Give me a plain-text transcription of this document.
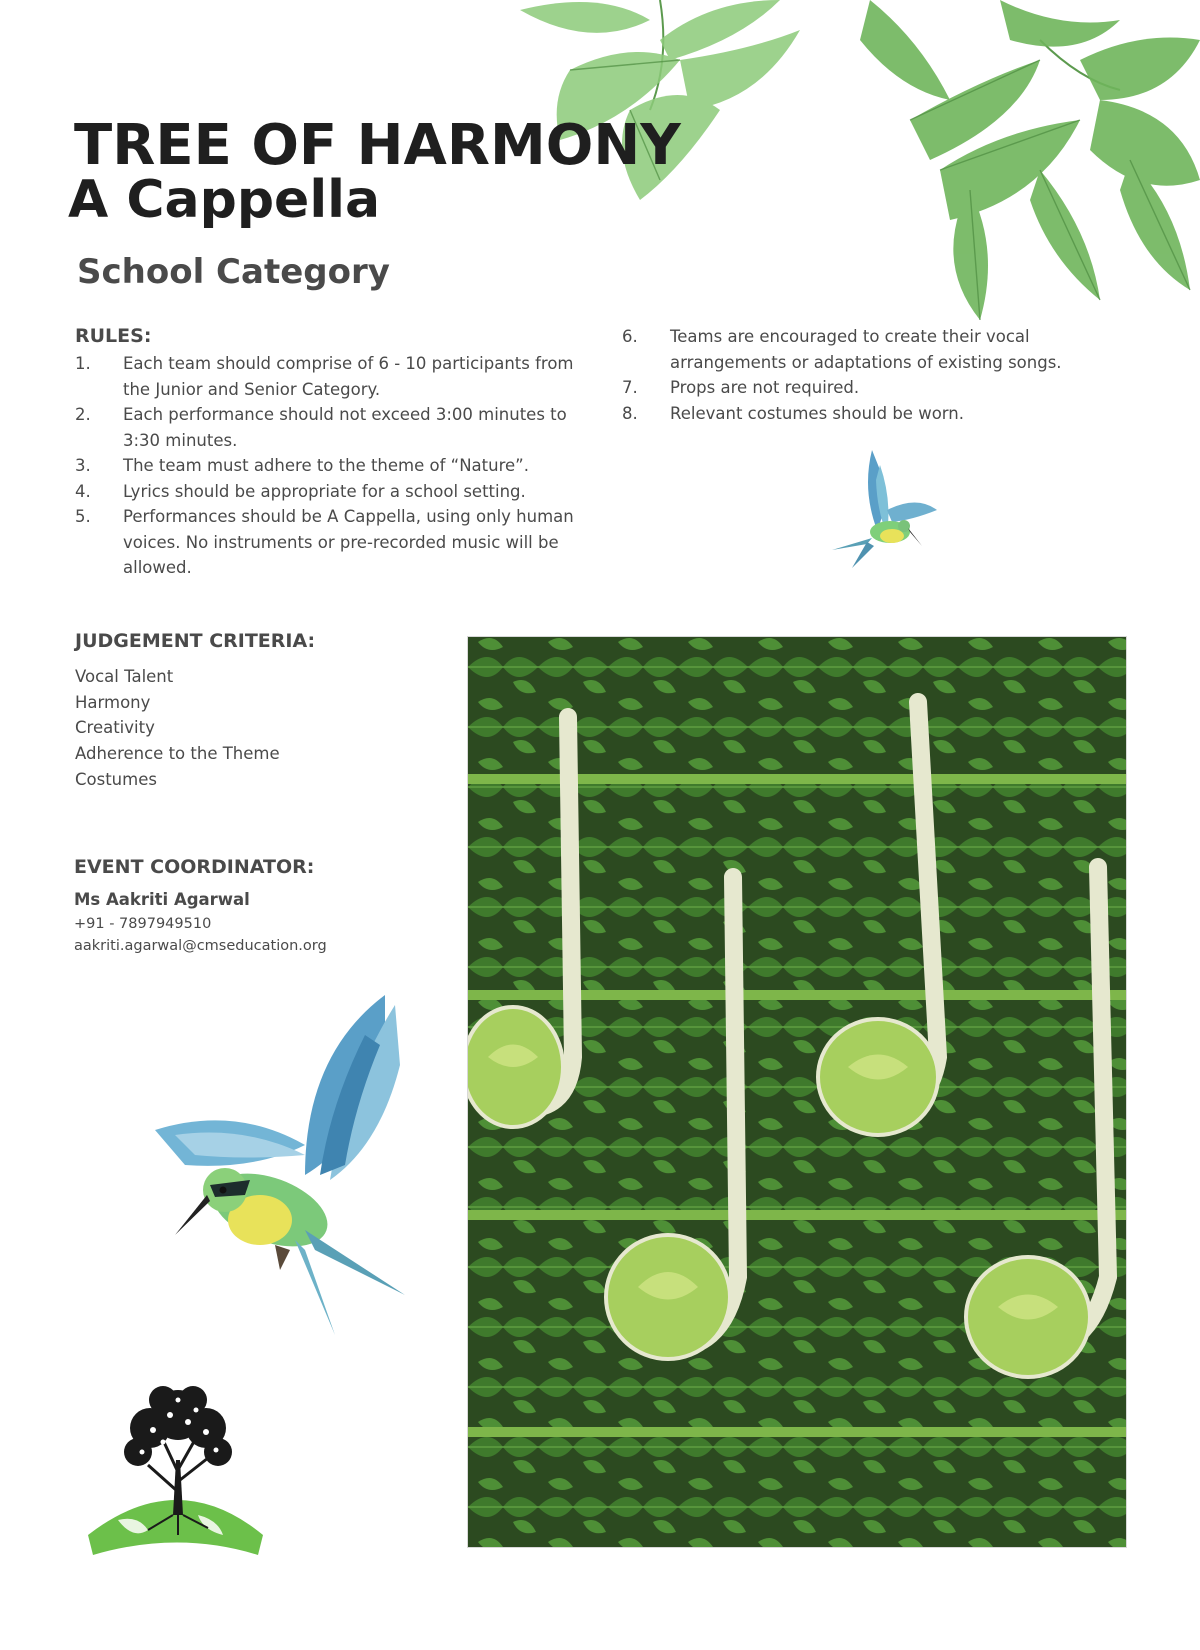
TREE OF HARMONY
A Cappella
School Category
RULES:
1.	Each team should comprise of 6 - 10 participants from the Junior and Senior Category.
2.	Each performance should not exceed 3:00 minutes to 3:30 minutes.
3.	The team must adhere to the theme of “Nature”.
4.	Lyrics should be appropriate for a school setting.
5.	Performances should be A Cappella, using only human voices. No instruments or pre-recorded music will be allowed.
6.	Teams are encouraged to create their vocal arrangements or adaptations of existing songs.
7.	Props are not required.
8.	Relevant costumes should be worn.
JUDGEMENT CRITERIA:
Vocal Talent
Harmony
Creativity
Adherence to the Theme
Costumes
EVENT COORDINATOR:
Ms Aakriti Agarwal
+91 - 7897949510
aakriti.agarwal@cmseducation.org
